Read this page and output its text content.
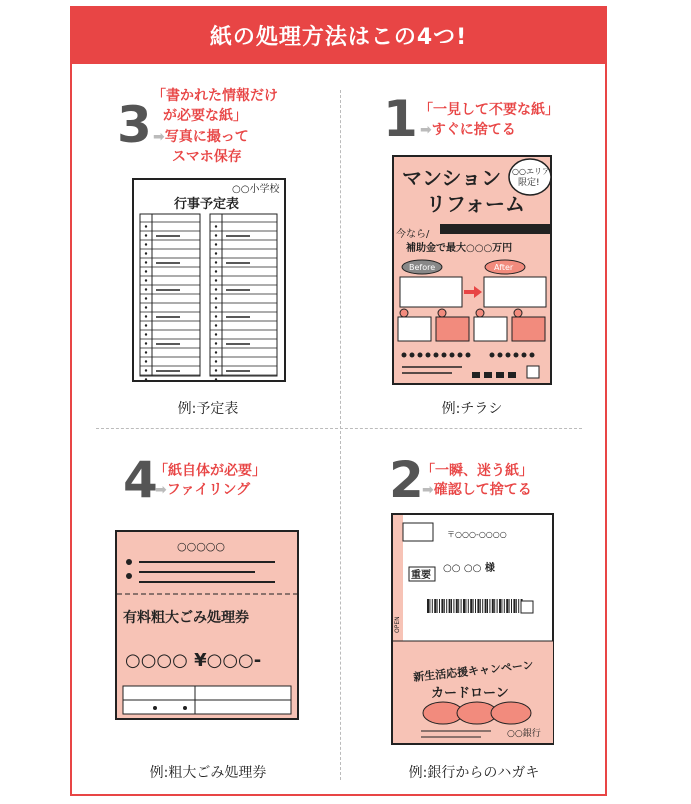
紙の処理方法はこの4つ!
3 「書かれた情報だけ
が必要な紙」
➡写真に撮って
スマホ保存
○○小学校
行事予定表
例:予定表
1 「一見して不要な紙」
➡すぐに捨てる
マンション
リフォーム
○○エリア
限定!
今なら/
補助金で最大○○○万円
Before	After
例:チラシ
4
「紙自体が必要」
➡ファイリング
○○○○○
有料粗大ごみ処理券
○○○○ ¥○○○-
例:粗大ごみ処理券
2
「一瞬、迷う紙」
➡確認して捨てる
〒○○○-○○○○
○○ ○○ 様
重要
OPEN
新生活応援キャンペーン
カードローン
○○銀行
例:銀行からのハガキ
